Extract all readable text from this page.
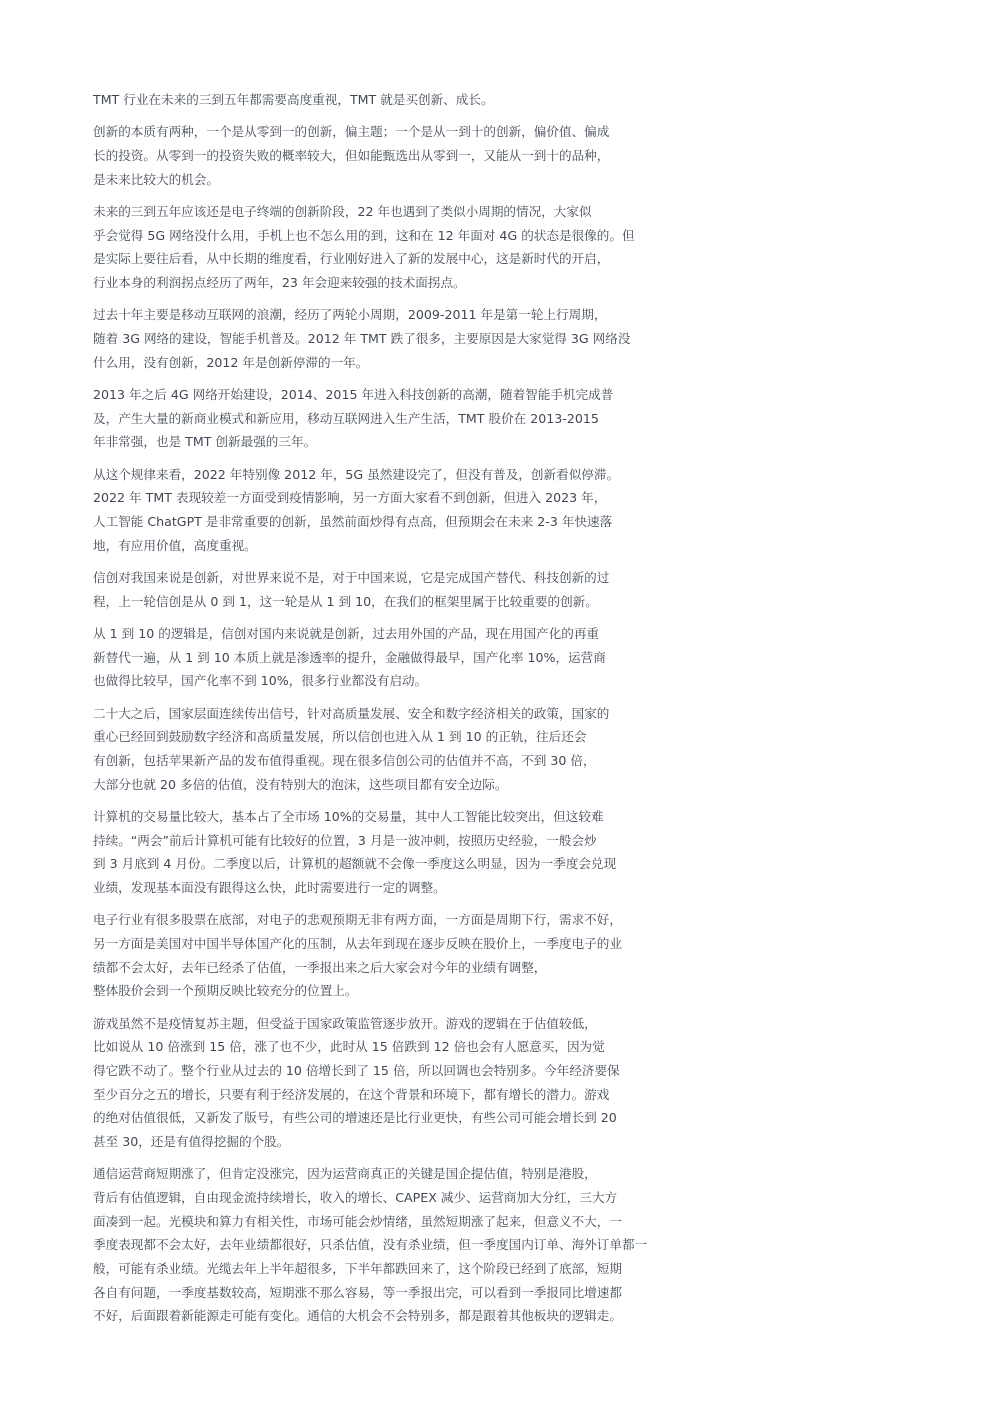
TMT 行业在未来的三到五年都需要高度重视，TMT 就是买创新、成长。
创新的本质有两种，一个是从零到一的创新，偏主题；一个是从一到十的创新，偏价值、偏成
长的投资。从零到一的投资失败的概率较大，但如能甄选出从零到一，又能从一到十的品种，
是未来比较大的机会。
未来的三到五年应该还是电子终端的创新阶段，22 年也遇到了类似小周期的情况，大家似
乎会觉得 5G 网络没什么用，手机上也不怎么用的到，这和在 12 年面对 4G 的状态是很像的。但
是实际上要往后看，从中长期的维度看，行业刚好进入了新的发展中心，这是新时代的开启，
行业本身的利润拐点经历了两年，23 年会迎来较强的技术面拐点。
过去十年主要是移动互联网的浪潮，经历了两轮小周期，2009-2011 年是第一轮上行周期，
随着 3G 网络的建设，智能手机普及。2012 年 TMT 跌了很多，主要原因是大家觉得 3G 网络没
什么用，没有创新，2012 年是创新停滞的一年。
2013 年之后 4G 网络开始建设，2014、2015 年进入科技创新的高潮，随着智能手机完成普
及，产生大量的新商业模式和新应用，移动互联网进入生产生活，TMT 股价在 2013-2015
年非常强，也是 TMT 创新最强的三年。
从这个规律来看，2022 年特别像 2012 年，5G 虽然建设完了，但没有普及，创新看似停滞。
2022 年 TMT 表现较差一方面受到疫情影响，另一方面大家看不到创新，但进入 2023 年，
人工智能 ChatGPT 是非常重要的创新，虽然前面炒得有点高，但预期会在未来 2-3 年快速落
地，有应用价值，高度重视。
信创对我国来说是创新，对世界来说不是，对于中国来说，它是完成国产替代、科技创新的过
程，上一轮信创是从 0 到 1，这一轮是从 1 到 10，在我们的框架里属于比较重要的创新。
从 1 到 10 的逻辑是，信创对国内来说就是创新，过去用外国的产品，现在用国产化的再重
新替代一遍，从 1 到 10 本质上就是渗透率的提升，金融做得最早，国产化率 10%，运营商
也做得比较早，国产化率不到 10%，很多行业都没有启动。
二十大之后，国家层面连续传出信号，针对高质量发展、安全和数字经济相关的政策，国家的
重心已经回到鼓励数字经济和高质量发展，所以信创也进入从 1 到 10 的正轨，往后还会
有创新，包括苹果新产品的发布值得重视。现在很多信创公司的估值并不高，不到 30 倍，
大部分也就 20 多倍的估值，没有特别大的泡沫，这些项目都有安全边际。
计算机的交易量比较大，基本占了全市场 10%的交易量，其中人工智能比较突出，但这较难
持续。“两会”前后计算机可能有比较好的位置，3 月是一波冲刺，按照历史经验，一般会炒
到 3 月底到 4 月份。二季度以后，计算机的超额就不会像一季度这么明显，因为一季度会兑现
业绩，发现基本面没有跟得这么快，此时需要进行一定的调整。
电子行业有很多股票在底部，对电子的悲观预期无非有两方面，一方面是周期下行，需求不好，
另一方面是美国对中国半导体国产化的压制，从去年到现在逐步反映在股价上，一季度电子的业
绩都不会太好，去年已经杀了估值，一季报出来之后大家会对今年的业绩有调整，
整体股价会到一个预期反映比较充分的位置上。
游戏虽然不是疫情复苏主题，但受益于国家政策监管逐步放开。游戏的逻辑在于估值较低，
比如说从 10 倍涨到 15 倍，涨了也不少，此时从 15 倍跌到 12 倍也会有人愿意买，因为觉
得它跌不动了。整个行业从过去的 10 倍增长到了 15 倍，所以回调也会特别多。今年经济要保
至少百分之五的增长，只要有利于经济发展的，在这个背景和环境下，都有增长的潜力。游戏
的绝对估值很低，又新发了版号，有些公司的增速还是比行业更快，有些公司可能会增长到 20
甚至 30，还是有值得挖掘的个股。
通信运营商短期涨了，但肯定没涨完，因为运营商真正的关键是国企提估值，特别是港股，
背后有估值逻辑，自由现金流持续增长，收入的增长、CAPEX 减少、运营商加大分红，三大方
面凑到一起。光模块和算力有相关性，市场可能会炒情绪，虽然短期涨了起来，但意义不大，一
季度表现都不会太好，去年业绩都很好，只杀估值，没有杀业绩，但一季度国内订单、海外订单都一
般，可能有杀业绩。光缆去年上半年超很多，下半年都跌回来了，这个阶段已经到了底部，短期
各自有问题，一季度基数较高，短期涨不那么容易，等一季报出完，可以看到一季报同比增速都
不好，后面跟着新能源走可能有变化。通信的大机会不会特别多，都是跟着其他板块的逻辑走。
